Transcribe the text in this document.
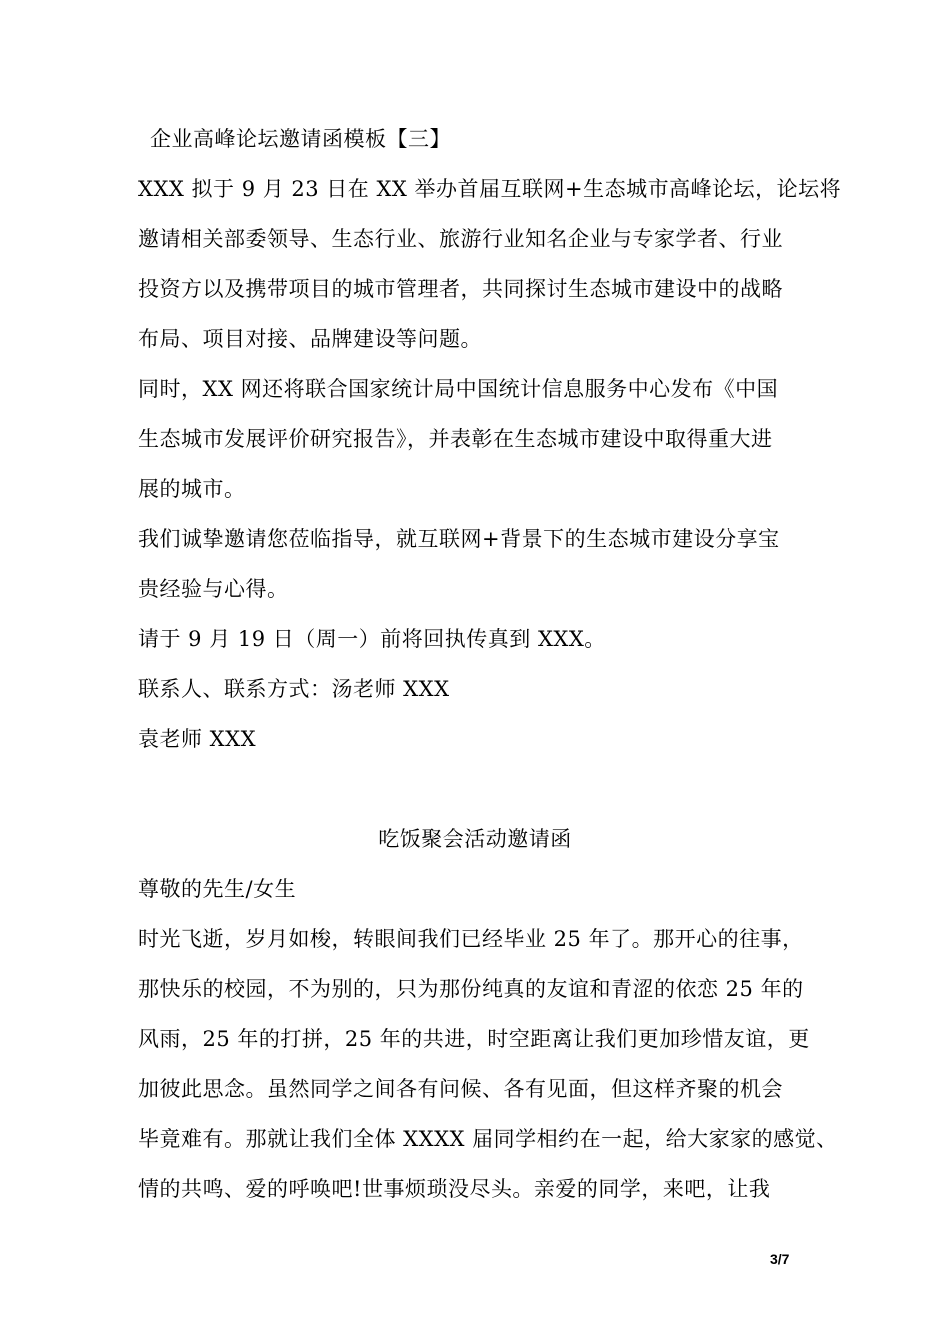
企业高峰论坛邀请函模板【三】
XXX 拟于 9 月 23 日在 XX 举办首届互联网+生态城市高峰论坛，论坛将
邀请相关部委领导、生态行业、旅游行业知名企业与专家学者、行业
投资方以及携带项目的城市管理者，共同探讨生态城市建设中的战略
布局、项目对接、品牌建设等问题。
同时，XX 网还将联合国家统计局中国统计信息服务中心发布《中国
生态城市发展评价研究报告》，并表彰在生态城市建设中取得重大进
展的城市。
我们诚挚邀请您莅临指导，就互联网+背景下的生态城市建设分享宝
贵经验与心得。
请于 9 月 19 日（周一）前将回执传真到 XXX。
联系人、联系方式：汤老师 XXX
袁老师 XXX
吃饭聚会活动邀请函
尊敬的先生/女生
时光飞逝，岁月如梭，转眼间我们已经毕业 25 年了。那开心的往事，
那快乐的校园，不为别的，只为那份纯真的友谊和青涩的依恋 25 年的
风雨，25 年的打拼，25 年的共进，时空距离让我们更加珍惜友谊，更
加彼此思念。虽然同学之间各有问候、各有见面，但这样齐聚的机会
毕竟难有。那就让我们全体 XXXX 届同学相约在一起，给大家家的感觉、
情的共鸣、爱的呼唤吧!世事烦琐没尽头。亲爱的同学，来吧，让我
3/7
